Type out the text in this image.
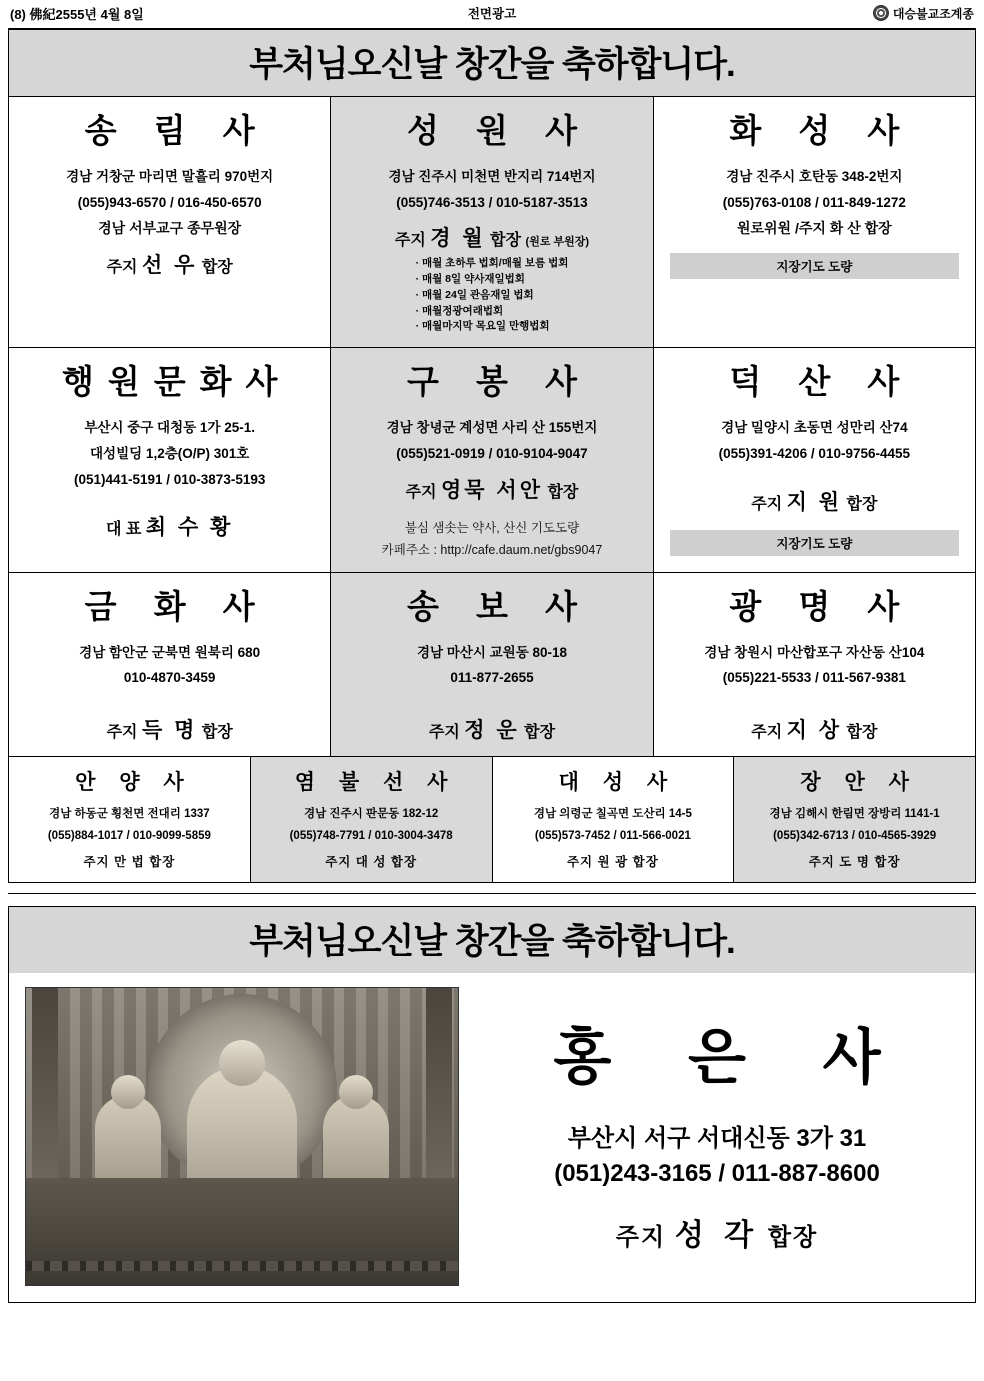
(8) 佛紀2555년 4월 8일	전면광고	대승불교조계종
부처님오신날 창간을 축하합니다.
송 림 사
경남 거창군 마리면 말흘리 970번지
(055)943-6570 / 016-450-6570
경남 서부교구 종무원장
주지 선 우 합장
성 원 사
경남 진주시 미천면 반지리 714번지
(055)746-3513 / 010-5187-3513
주지 경 월 합장 (원로 부원장)
· 매월 초하루 법회/매월 보름 법회
· 매월 8일 약사재일법회
· 매월 24일 관음재일 법회
· 매월정광여래법회
· 매월마지막 목요일 만행법회
화 성 사
경남 진주시 호탄동 348-2번지
(055)763-0108 / 011-849-1272
원로위원 /주지 화 산 합장
지장기도 도량
행원문화사
부산시 중구 대청동 1가 25-1.
대성빌딩 1,2층(O/P) 301호
(051)441-5191 / 010-3873-5193
대 표 최 수 황
구 봉 사
경남 창녕군 계성면 사리 산 155번지
(055)521-0919 / 010-9104-9047
주지 영묵 서안 합장
불심 샘솟는 약사, 산신 기도도량
카페주소 : http://cafe.daum.net/gbs9047
덕 산 사
경남 밀양시 초동면 성만리 산74
(055)391-4206 / 010-9756-4455
주지 지 원 합장
지장기도 도량
금 화 사
경남 함안군 군북면 원북리 680
010-4870-3459
주지 득 명 합장
송 보 사
경남 마산시 교원동 80-18
011-877-2655
주지 정 운 합장
광 명 사
경남 창원시 마산합포구 자산동 산104
(055)221-5533 / 011-567-9381
주지 지 상 합장
안 양 사
경남 하동군 횡천면 전대리 1337
(055)884-1017 / 010-9099-5859
주지 만 법 합장
염 불 선 사
경남 진주시 판문동 182-12
(055)748-7791 / 010-3004-3478
주지 대 성 합장
대 성 사
경남 의령군 칠곡면 도산리 14-5
(055)573-7452 / 011-566-0021
주지 원 광 합장
장 안 사
경남 김해시 한림면 장방리 1141-1
(055)342-6713 / 010-4565-3929
주지 도 명 합장
부처님오신날 창간을 축하합니다.
홍 은 사
부산시 서구 서대신동 3가 31
(051)243-3165 / 011-887-8600
주지 성 각 합장
